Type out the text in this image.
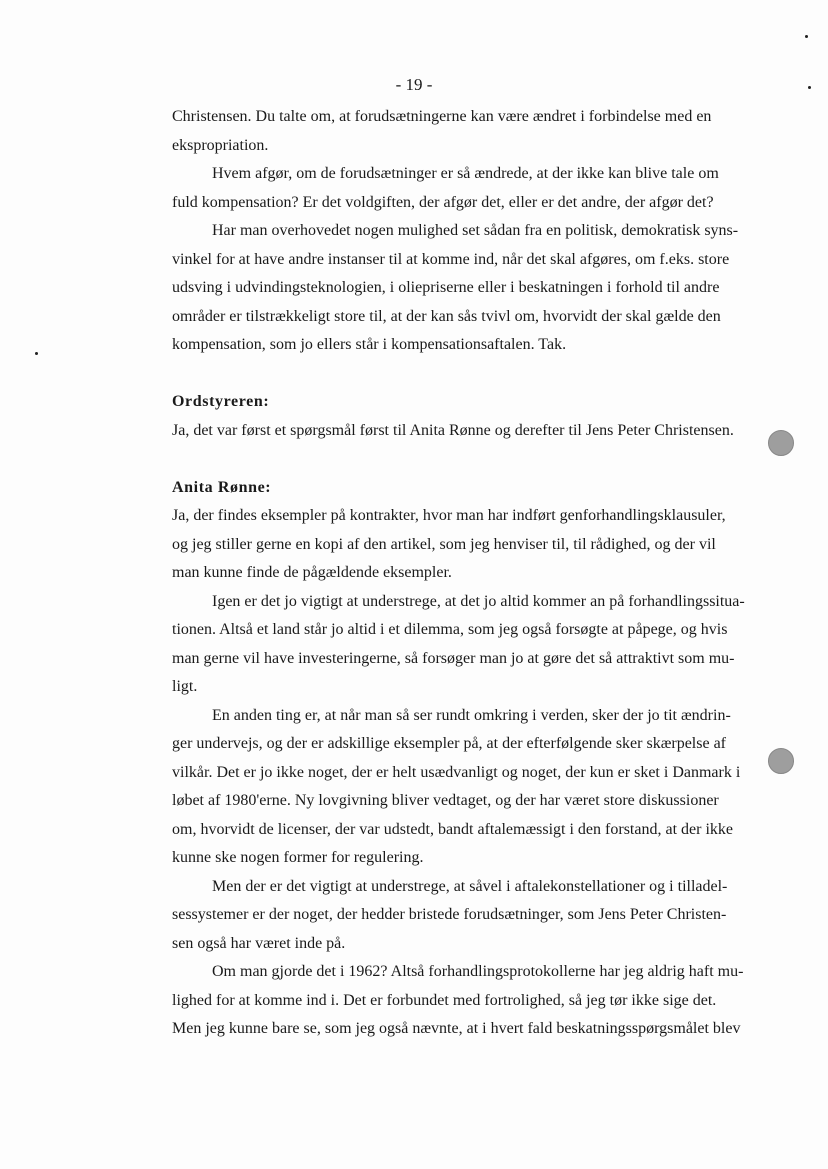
- 19 -
Christensen. Du talte om, at forudsætningerne kan være ændret i forbindelse med en
ekspropriation.
Hvem afgør, om de forudsætninger er så ændrede, at der ikke kan blive tale om
fuld kompensation? Er det voldgiften, der afgør det, eller er det andre, der afgør det?
Har man overhovedet nogen mulighed set sådan fra en politisk, demokratisk syns-
vinkel for at have andre instanser til at komme ind, når det skal afgøres, om f.eks. store
udsving i udvindingsteknologien, i oliepriserne eller i beskatningen i forhold til andre
områder er tilstrækkeligt store til, at der kan sås tvivl om, hvorvidt der skal gælde den
kompensation, som jo ellers står i kompensationsaftalen. Tak.
Ordstyreren:
Ja, det var først et spørgsmål først til Anita Rønne og derefter til Jens Peter Christensen.
Anita Rønne:
Ja, der findes eksempler på kontrakter, hvor man har indført genforhandlingsklausuler,
og jeg stiller gerne en kopi af den artikel, som jeg henviser til, til rådighed, og der vil
man kunne finde de pågældende eksempler.
Igen er det jo vigtigt at understrege, at det jo altid kommer an på forhandlingssitua-
tionen. Altså et land står jo altid i et dilemma, som jeg også forsøgte at påpege, og hvis
man gerne vil have investeringerne, så forsøger man jo at gøre det så attraktivt som mu-
ligt.
En anden ting er, at når man så ser rundt omkring i verden, sker der jo tit ændrin-
ger undervejs, og der er adskillige eksempler på, at der efterfølgende sker skærpelse af
vilkår. Det er jo ikke noget, der er helt usædvanligt og noget, der kun er sket i Danmark i
løbet af 1980'erne. Ny lovgivning bliver vedtaget, og der har været store diskussioner
om, hvorvidt de licenser, der var udstedt, bandt aftalemæssigt i den forstand, at der ikke
kunne ske nogen former for regulering.
Men der er det vigtigt at understrege, at såvel i aftalekonstellationer og i tilladel-
sessystemer er der noget, der hedder bristede forudsætninger, som Jens Peter Christen-
sen også har været inde på.
Om man gjorde det i 1962? Altså forhandlingsprotokollerne har jeg aldrig haft mu-
lighed for at komme ind i. Det er forbundet med fortrolighed, så jeg tør ikke sige det.
Men jeg kunne bare se, som jeg også nævnte, at i hvert fald beskatningsspørgsmålet blev
